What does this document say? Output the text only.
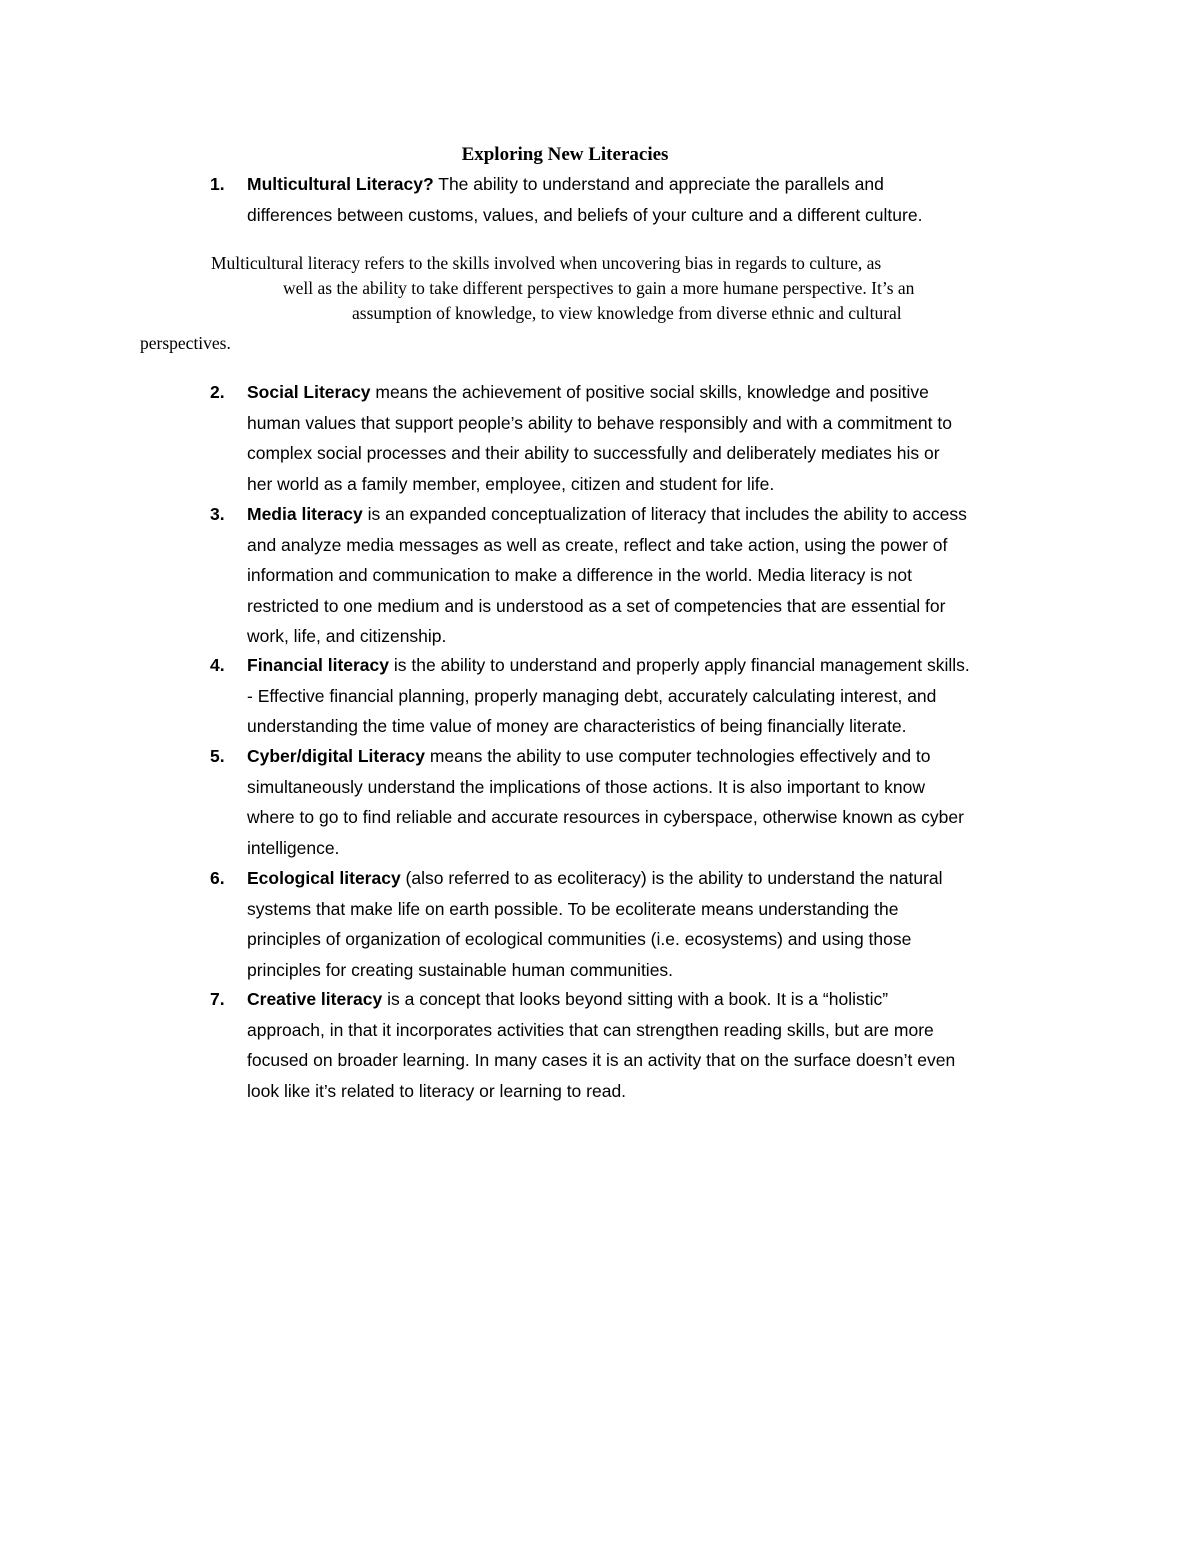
Exploring New Literacies
1. Multicultural Literacy? The ability to understand and appreciate the parallels and
differences between customs, values, and beliefs of your culture and a different culture.
Multicultural literacy refers to the skills involved when uncovering bias in regards to culture, as
well as the ability to take different perspectives to gain a more humane perspective. It’s an
assumption of knowledge, to view knowledge from diverse ethnic and cultural
perspectives.
2. Social Literacy means the achievement of positive social skills, knowledge and positive
human values that support people’s ability to behave responsibly and with a commitment to
complex social processes and their ability to successfully and deliberately mediates his or
her world as a family member, employee, citizen and student for life.
3. Media literacy is an expanded conceptualization of literacy that includes the ability to access
and analyze media messages as well as create, reflect and take action, using the power of
information and communication to make a difference in the world. Media literacy is not
restricted to one medium and is understood as a set of competencies that are essential for
work, life, and citizenship.
4. Financial literacy is the ability to understand and properly apply financial management skills.
- Effective financial planning, properly managing debt, accurately calculating interest, and
understanding the time value of money are characteristics of being financially literate.
5. Cyber/digital Literacy means the ability to use computer technologies effectively and to
simultaneously understand the implications of those actions. It is also important to know
where to go to find reliable and accurate resources in cyberspace, otherwise known as cyber
intelligence.
6. Ecological literacy (also referred to as ecoliteracy) is the ability to understand the natural
systems that make life on earth possible. To be ecoliterate means understanding the
principles of organization of ecological communities (i.e. ecosystems) and using those
principles for creating sustainable human communities.
7. Creative literacy is a concept that looks beyond sitting with a book. It is a “holistic”
approach, in that it incorporates activities that can strengthen reading skills, but are more
focused on broader learning. In many cases it is an activity that on the surface doesn’t even
look like it’s related to literacy or learning to read.
